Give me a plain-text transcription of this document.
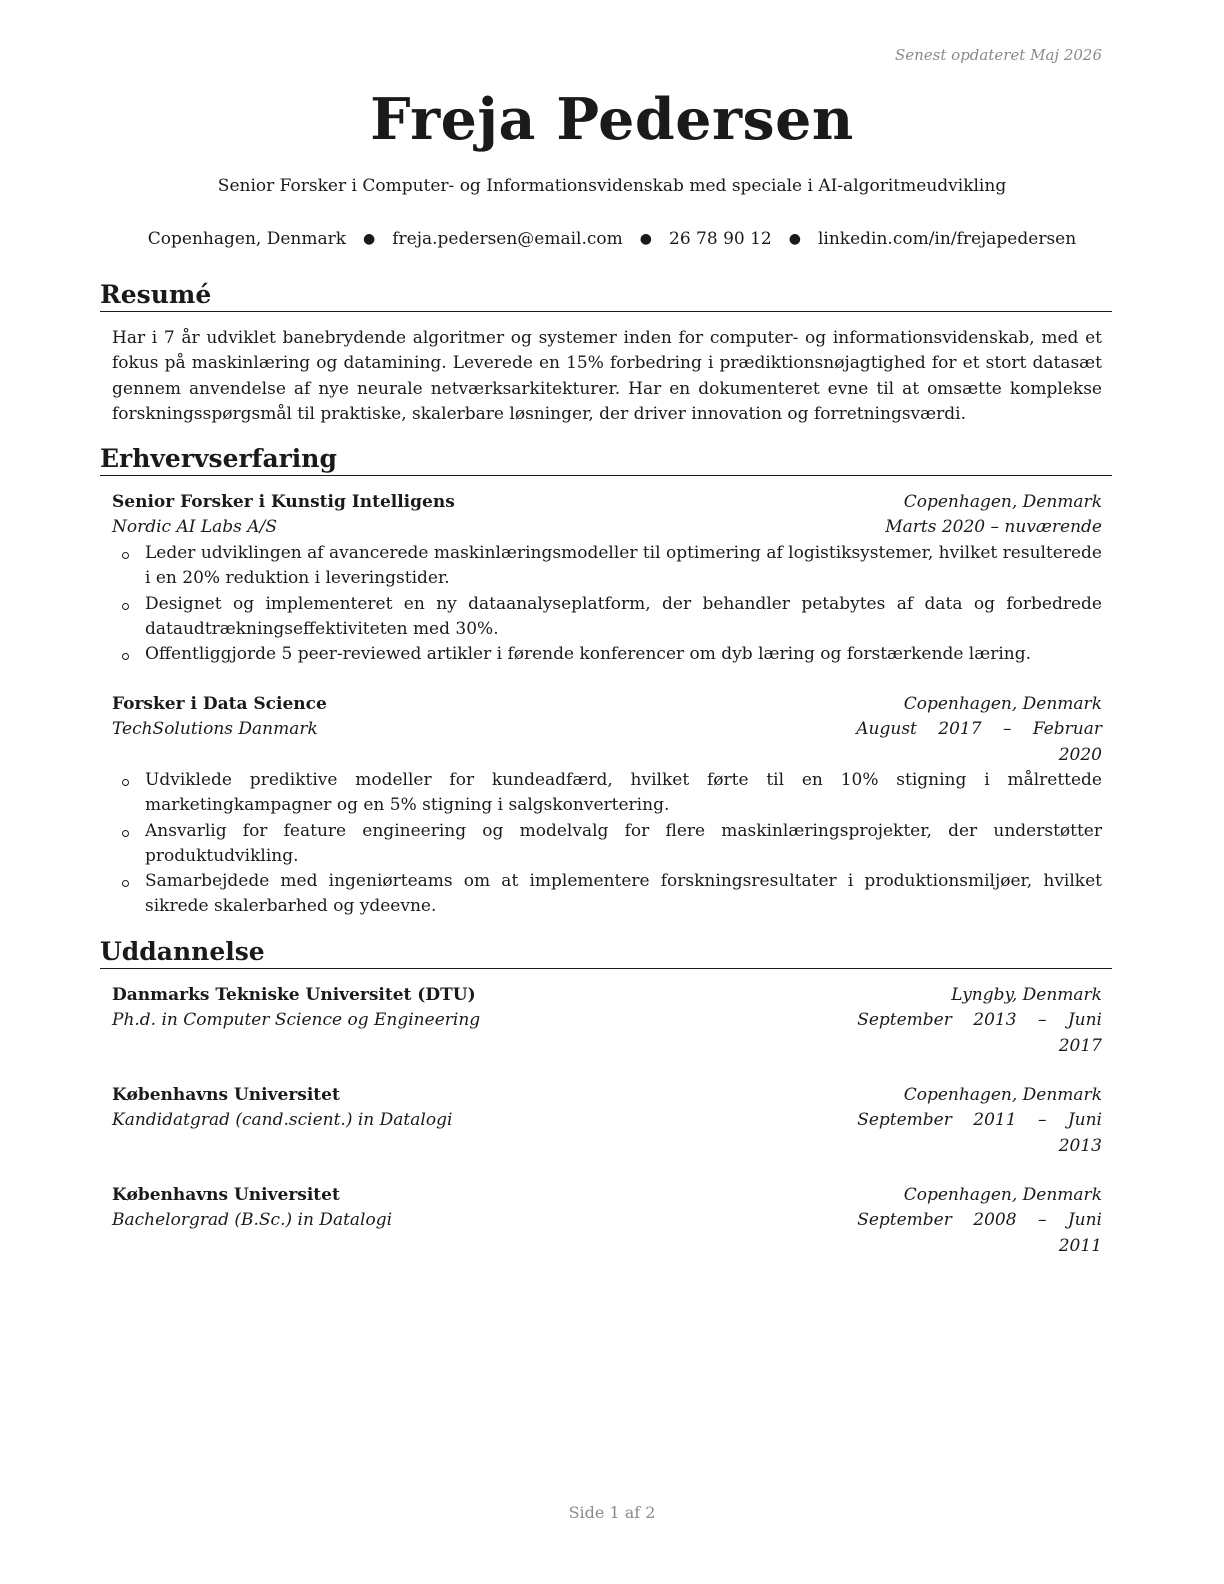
Senest opdateret Maj 2026
Freja Pedersen
Senior Forsker i Computer- og Informationsvidenskab med speciale i AI-algoritmeudvikling
Copenhagen, Denmark ● freja.pedersen@email.com ● 26 78 90 12 ● linkedin.com/in/frejapedersen
Resumé

Har i 7 år udviklet banebrydende algoritmer og systemer inden for computer- og informationsvidenskab, med et fokus på maskinlæring og datamining. Leverede en 15% forbedring i prædiktionsnøjagtighed for et stort datasæt gennem anvendelse af nye neurale netværksarkitekturer. Har en dokumenteret evne til at omsætte komplekse forskningsspørgsmål til praktiske, skalerbare løsninger, der driver innovation og forretningsværdi.

Erhvervserfaring
Senior Forsker i Kunstig Intelligens	Copenhagen, Denmark
Nordic AI Labs A/S	Marts 2020 – nuværende
Leder udviklingen af avancerede maskinlæringsmodeller til optimering af logistiksystemer, hvilket resulterede i en 20% reduktion i leveringstider.
Designet og implementeret en ny dataanalyseplatform, der behandler petabytes af data og forbedrede dataudtrækningseffektiviteten med 30%.
Offentliggjorde 5 peer-reviewed artikler i førende konferencer om dyb læring og forstærkende læring.
Forsker i Data Science	Copenhagen, Denmark
TechSolutions Danmark	August 2017 – Februar
2020
Udviklede prediktive modeller for kundeadfærd, hvilket førte til en 10% stigning i målrettede marketingkampagner og en 5% stigning i salgskonvertering.
Ansvarlig for feature engineering og modelvalg for flere maskinlæringsprojekter, der understøtter produktudvikling.
Samarbejdede med ingeniørteams om at implementere forskningsresultater i produktionsmiljøer, hvilket sikrede skalerbarhed og ydeevne.
Uddannelse
Danmarks Tekniske Universitet (DTU)	Lyngby, Denmark
Ph.d. in Computer Science og Engineering	September 2013 – Juni
2017
Københavns Universitet	Copenhagen, Denmark
Kandidatgrad (cand.scient.) in Datalogi	September 2011 – Juni
2013
Københavns Universitet	Copenhagen, Denmark
Bachelorgrad (B.Sc.) in Datalogi	September 2008 – Juni
2011
Side 1 af 2
